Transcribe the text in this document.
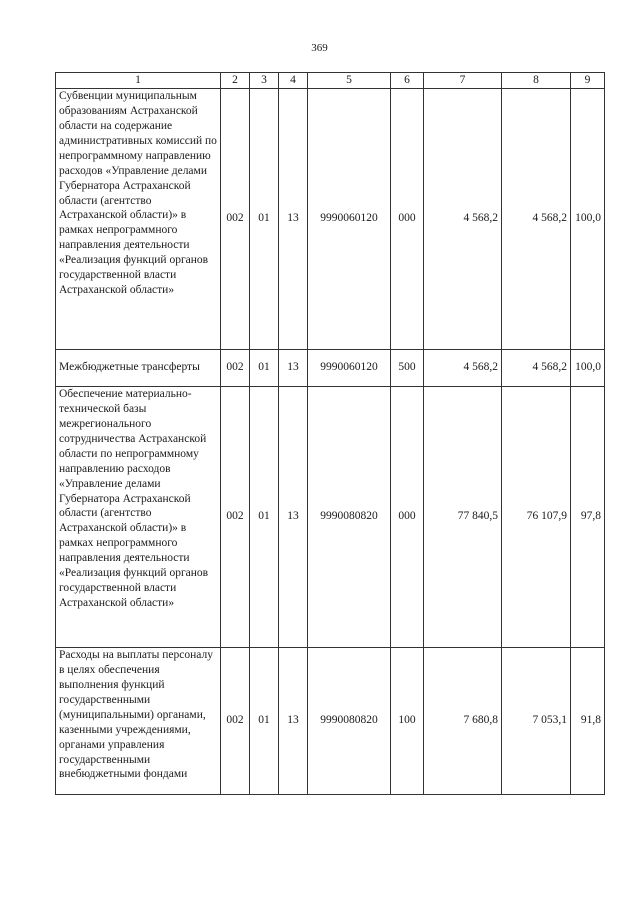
369
1	2	3	4	5	6	7	8	9
Субвенции муниципальным образованиям Астраханской области на содержание административных комиссий по непрограммному направлению расходов «Управление делами Губернатора Астраханской области (агентство Астраханской области)» в рамках непрограммного направления деятельности «Реализация функций органов государственной власти Астраханской области»	002	01	13	9990060120	000	4 568,2	4 568,2	100,0
Межбюджетные трансферты	002	01	13	9990060120	500	4 568,2	4 568,2	100,0
Обеспечение материально-технической базы межрегионального сотрудничества Астраханской области по непрограммному направлению расходов «Управление делами Губернатора Астраханской области (агентство Астраханской области)» в рамках непрограммного направления деятельности «Реализация функций органов государственной власти Астраханской области»	002	01	13	9990080820	000	77 840,5	76 107,9	97,8
Расходы на выплаты персоналу в целях обеспечения выполнения функций государственными (муниципальными) органами, казенными учреждениями, органами управления государственными внебюджетными фондами	002	01	13	9990080820	100	7 680,8	7 053,1	91,8
